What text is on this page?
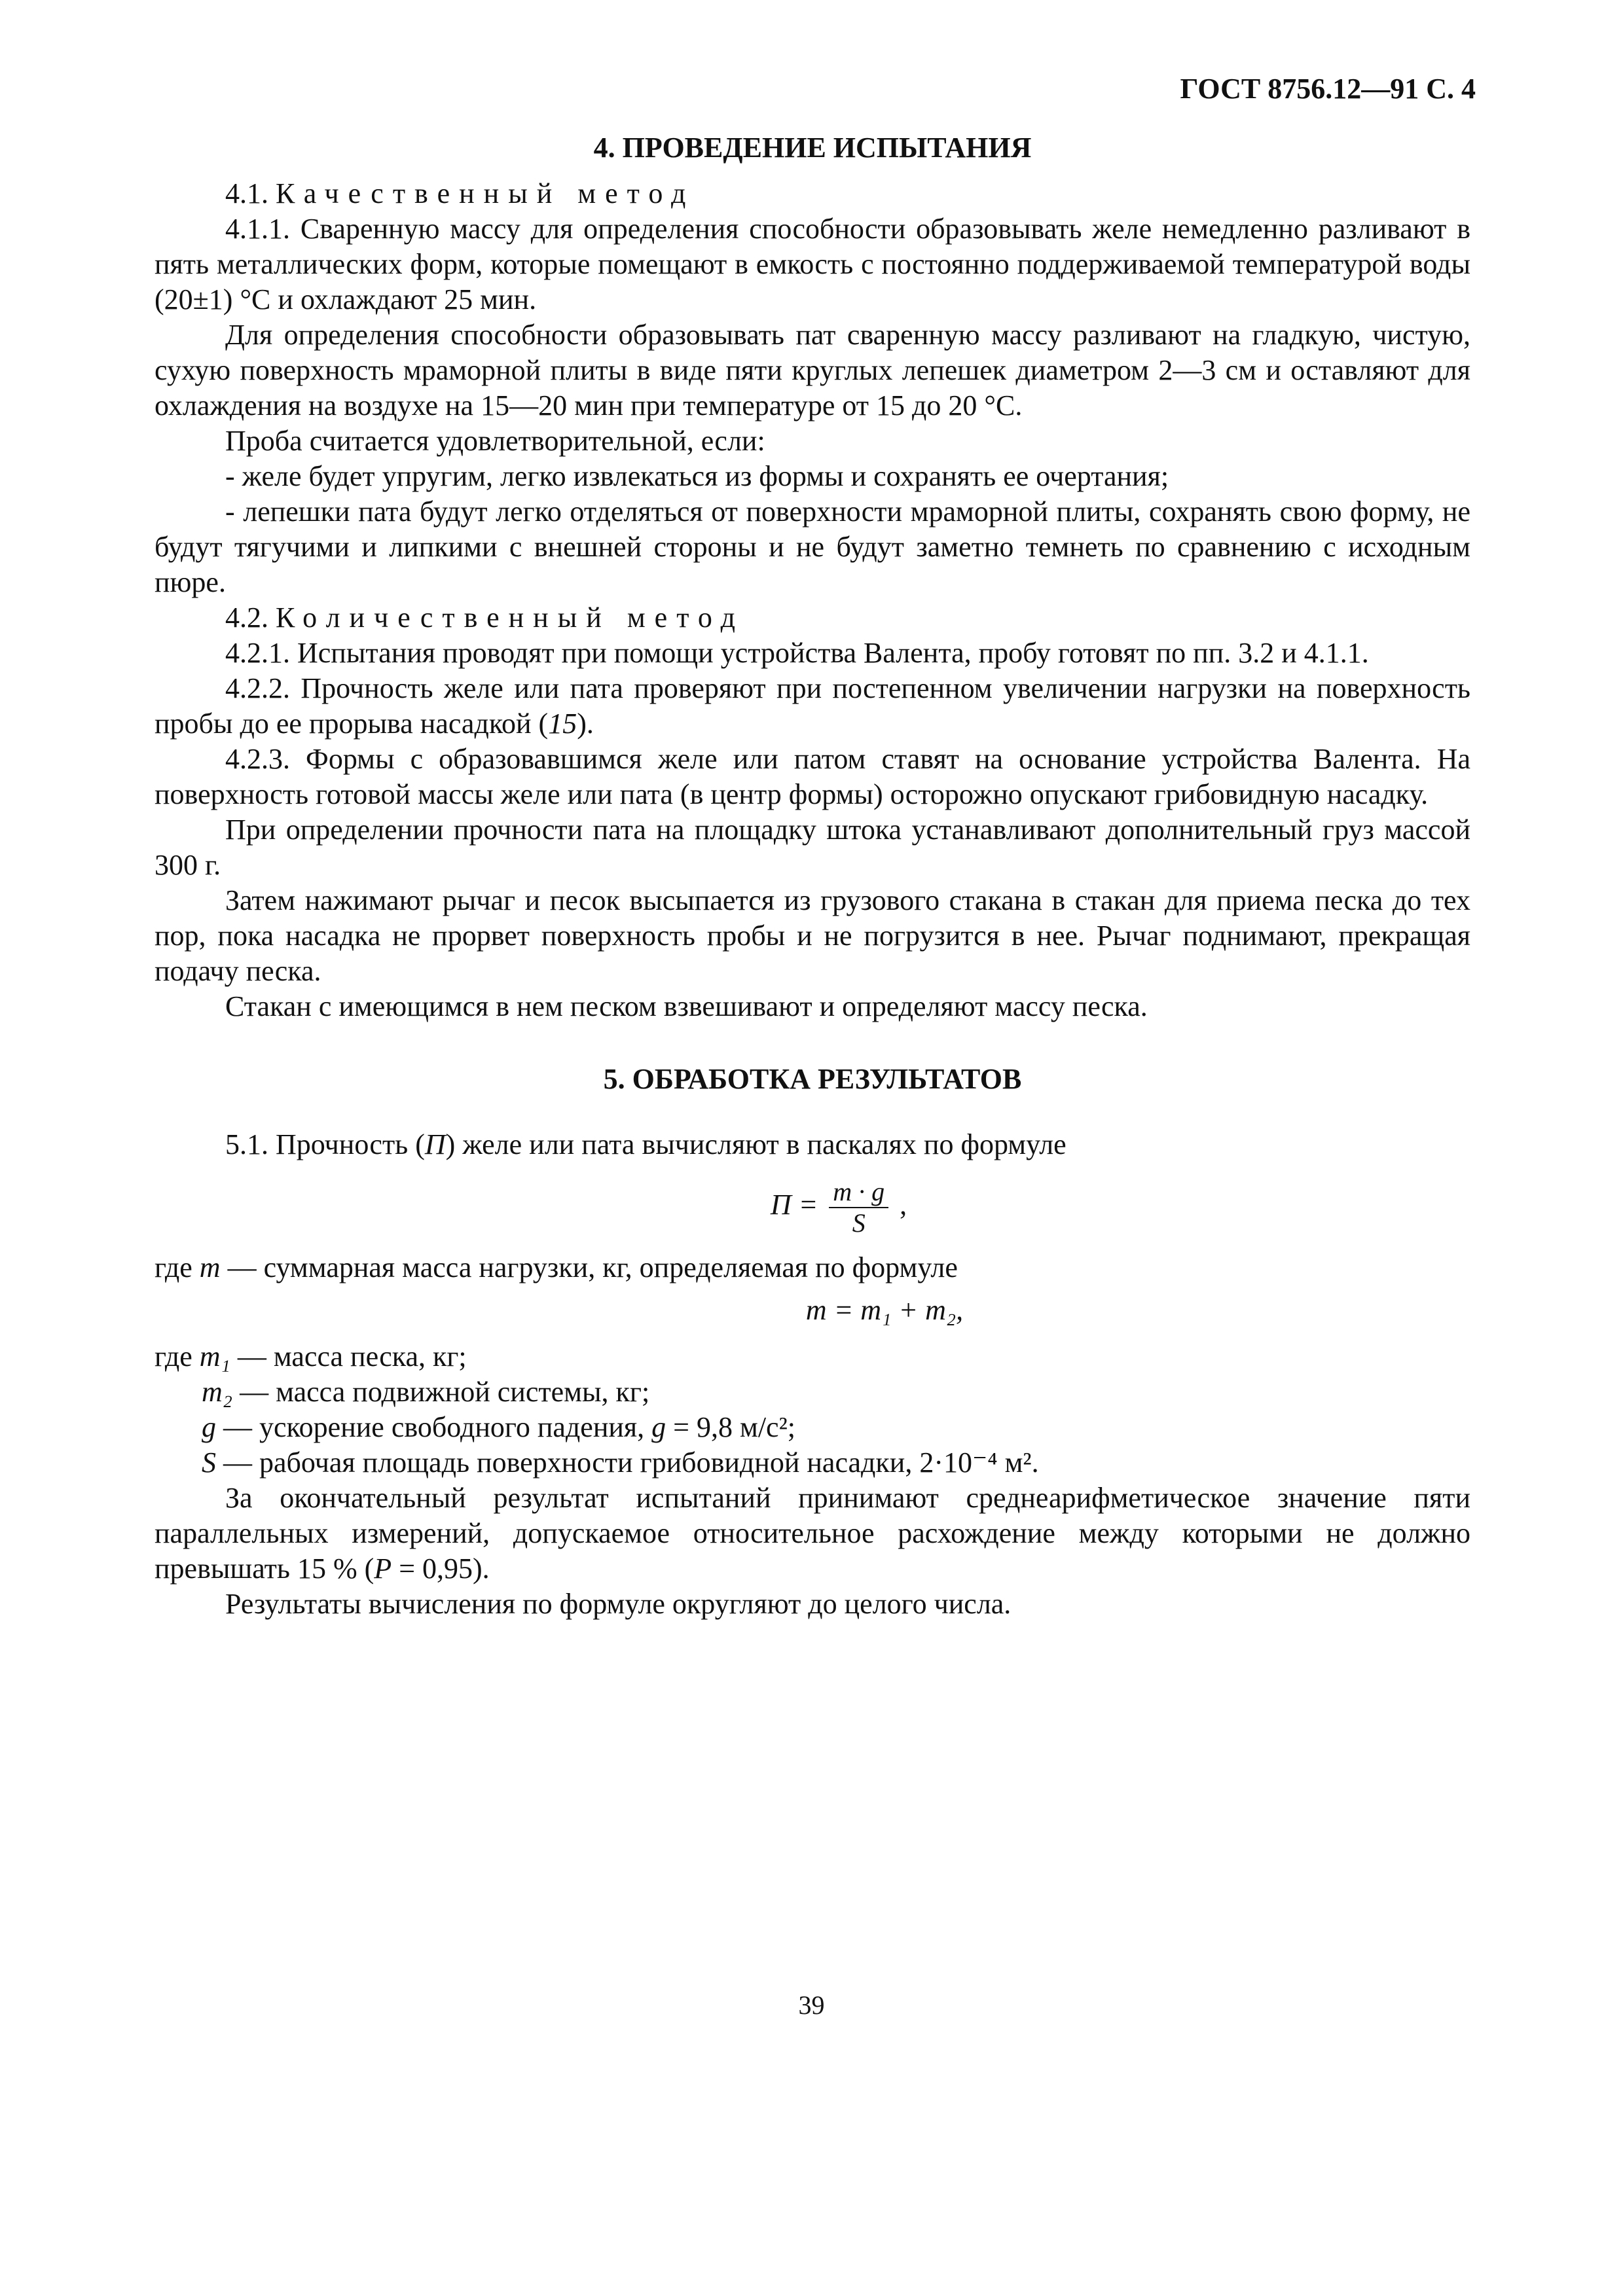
ГОСТ 8756.12—91 С. 4
4. ПРОВЕДЕНИЕ ИСПЫТАНИЯ

4.1. Качественный метод

4.1.1. Сваренную массу для определения способности образовывать желе немедленно разливают в пять металлических форм, которые помещают в емкость с постоянно поддерживаемой температурой воды (20±1) °С и охлаждают 25 мин.

Для определения способности образовывать пат сваренную массу разливают на гладкую, чистую, сухую поверхность мраморной плиты в виде пяти круглых лепешек диаметром 2—3 см и оставляют для охлаждения на воздухе на 15—20 мин при температуре от 15 до 20 °С.

Проба считается удовлетворительной, если:

- желе будет упругим, легко извлекаться из формы и сохранять ее очертания;

- лепешки пата будут легко отделяться от поверхности мраморной плиты, сохранять свою форму, не будут тягучими и липкими с внешней стороны и не будут заметно темнеть по сравнению с исходным пюре.

4.2. Количественный метод

4.2.1. Испытания проводят при помощи устройства Валента, пробу готовят по пп. 3.2 и 4.1.1.

4.2.2. Прочность желе или пата проверяют при постепенном увеличении нагрузки на поверхность пробы до ее прорыва насадкой (15).

4.2.3. Формы с образовавшимся желе или патом ставят на основание устройства Валента. На поверхность готовой массы желе или пата (в центр формы) осторожно опускают грибовидную насадку.

При определении прочности пата на площадку штока устанавливают дополнительный груз массой 300 г.

Затем нажимают рычаг и песок высыпается из грузового стакана в стакан для приема песка до тех пор, пока насадка не прорвет поверхность пробы и не погрузится в нее. Рычаг поднимают, прекращая подачу песка.

Стакан с имеющимся в нем песком взвешивают и определяют массу песка.

5. ОБРАБОТКА РЕЗУЛЬТАТОВ

5.1. Прочность (П) желе или пата вычисляют в паскалях по формуле

$П = \frac{m \cdot g}{S}$ ,

где m — суммарная масса нагрузки, кг, определяемая по формуле

m = m₁ + m₂,

где m₁ — масса песка, кг;

m₂ — масса подвижной системы, кг;

g — ускорение свободного падения, g = 9,8 м/с²;

S — рабочая площадь поверхности грибовидной насадки, 2·10⁻⁴ м².

За окончательный результат испытаний принимают среднеарифметическое значение пяти параллельных измерений, допускаемое относительное расхождение между которыми не должно превышать 15 % (P = 0,95).

Результаты вычисления по формуле округляют до целого числа.

39
